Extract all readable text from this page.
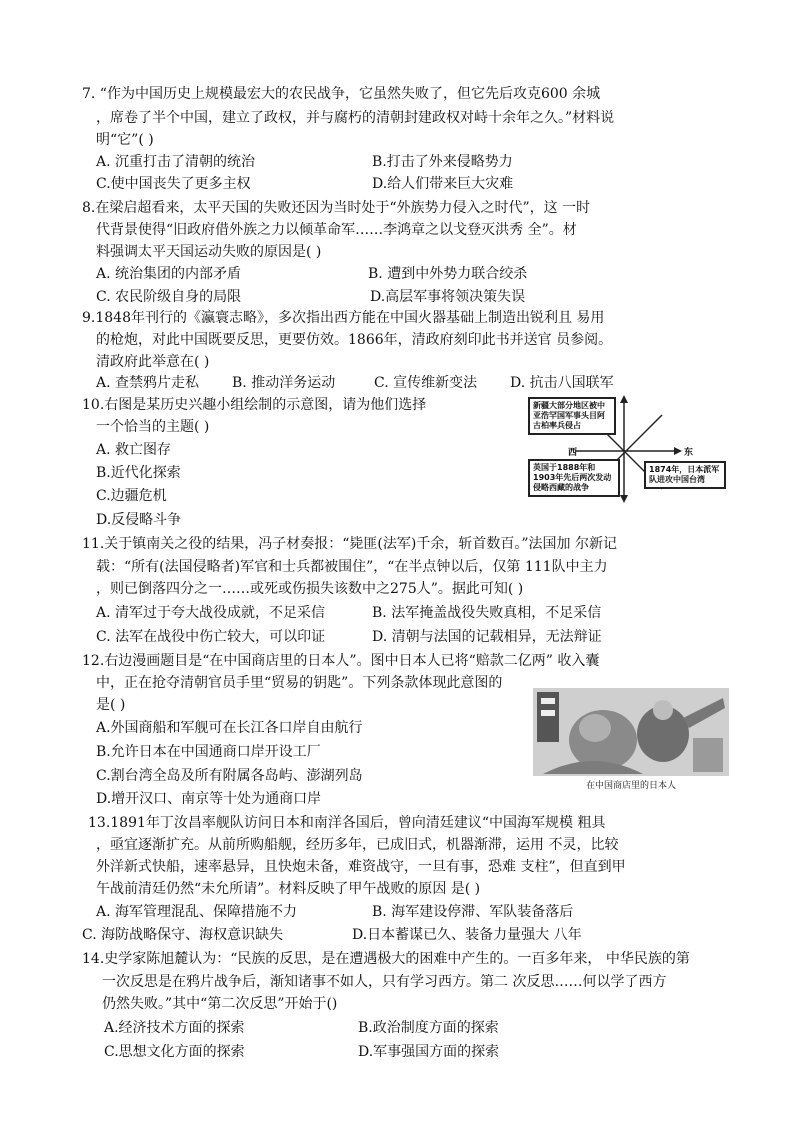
7. “作为中国历史上规模最宏大的农民战争，它虽然失败了，但它先后攻克600 余城
，席卷了半个中国，建立了政权，并与腐朽的清朝封建政权对峙十余年之久。”材料说
明“它”( )
A. 沉重打击了清朝的统治	B.打击了外来侵略势力
C.使中国丧失了更多主权	D.给人们带来巨大灾难
8.在梁启超看来，太平天国的失败还因为当时处于“外族势力侵入之时代”，这 一时
代背景使得“旧政府借外族之力以倾革命军……李鸿章之以戈登灭洪秀 全”。材
料强调太平天国运动失败的原因是( )
A. 统治集团的内部矛盾	B. 遭到中外势力联合绞杀
C. 农民阶级自身的局限	D.高层军事将领决策失误
9.1848年刊行的《瀛寰志略》，多次指出西方能在中国火器基础上制造出锐利且 易用
的枪炮，对此中国既要反思，更要仿效。1866年，清政府刻印此书并送官 员参阅。
清政府此举意在( )
A. 查禁鸦片走私 B. 推动洋务运动	C. 宣传维新变法 D. 抗击八国联军
10.右图是某历史兴趣小组绘制的示意图，请为他们选择
一个恰当的主题( )
A. 救亡图存
B.近代化探索
C.边疆危机
D.反侵略斗争
新疆大部分地区被中亚浩罕国军事头目阿古柏率兵侵占
英国于1888年和1903年先后两次发动侵略西藏的战争
1874年，日本派军队进攻中国台湾
西	东
11.关于镇南关之役的结果，冯子材奏报：“毙匪(法军)千余，斩首数百。”法国加 尔新记
载：“所有(法国侵略者)军官和士兵都被围住”，“在半点钟以后，仅第 111队中主力
，则已倒落四分之一……或死或伤损失该数中之275人”。据此可知( )
A. 清军过于夸大战役成就，不足采信	B. 法军掩盖战役失败真相，不足采信
C. 法军在战役中伤亡较大，可以印证	D. 清朝与法国的记载相异，无法辩证
12.右边漫画题目是“在中国商店里的日本人”。图中日本人已将“赔款二亿两” 收入囊
中，正在抢夺清朝官员手里“贸易的钥匙”。下列条款体现此意图的
是( )
A.外国商船和军舰可在长江各口岸自由航行
B.允许日本在中国通商口岸开设工厂
C.割台湾全岛及所有附属各岛屿、澎湖列岛
D.增开汉口、南京等十处为通商口岸
在中国商店里的日本人
13.1891年丁汝昌率舰队访问日本和南洋各国后，曾向清廷建议“中国海军规模 粗具
，亟宜逐渐扩充。从前所购船舰，经历多年，已成旧式，机器渐滞，运用 不灵，比较
外洋新式快船，速率悬异，且快炮未备，难资战守，一旦有事，恐难 支柱”，但直到甲
午战前清廷仍然“未允所请”。材料反映了甲午战败的原因 是( )
A. 海军管理混乱、保障措施不力	B. 海军建设停滞、军队装备落后
C. 海防战略保守、海权意识缺失	D.日本蓄谋已久、装备力量强大 八年
14.史学家陈旭麓认为：“民族的反思，是在遭遇极大的困难中产生的。一百多年来， 中华民族的第
一次反思是在鸦片战争后，渐知诸事不如人，只有学习西方。第二 次反思……何以学了西方
仍然失败。”其中“第二次反思”开始于()
A.经济技术方面的探索	B.政治制度方面的探索
C.思想文化方面的探索	D.军事强国方面的探索
